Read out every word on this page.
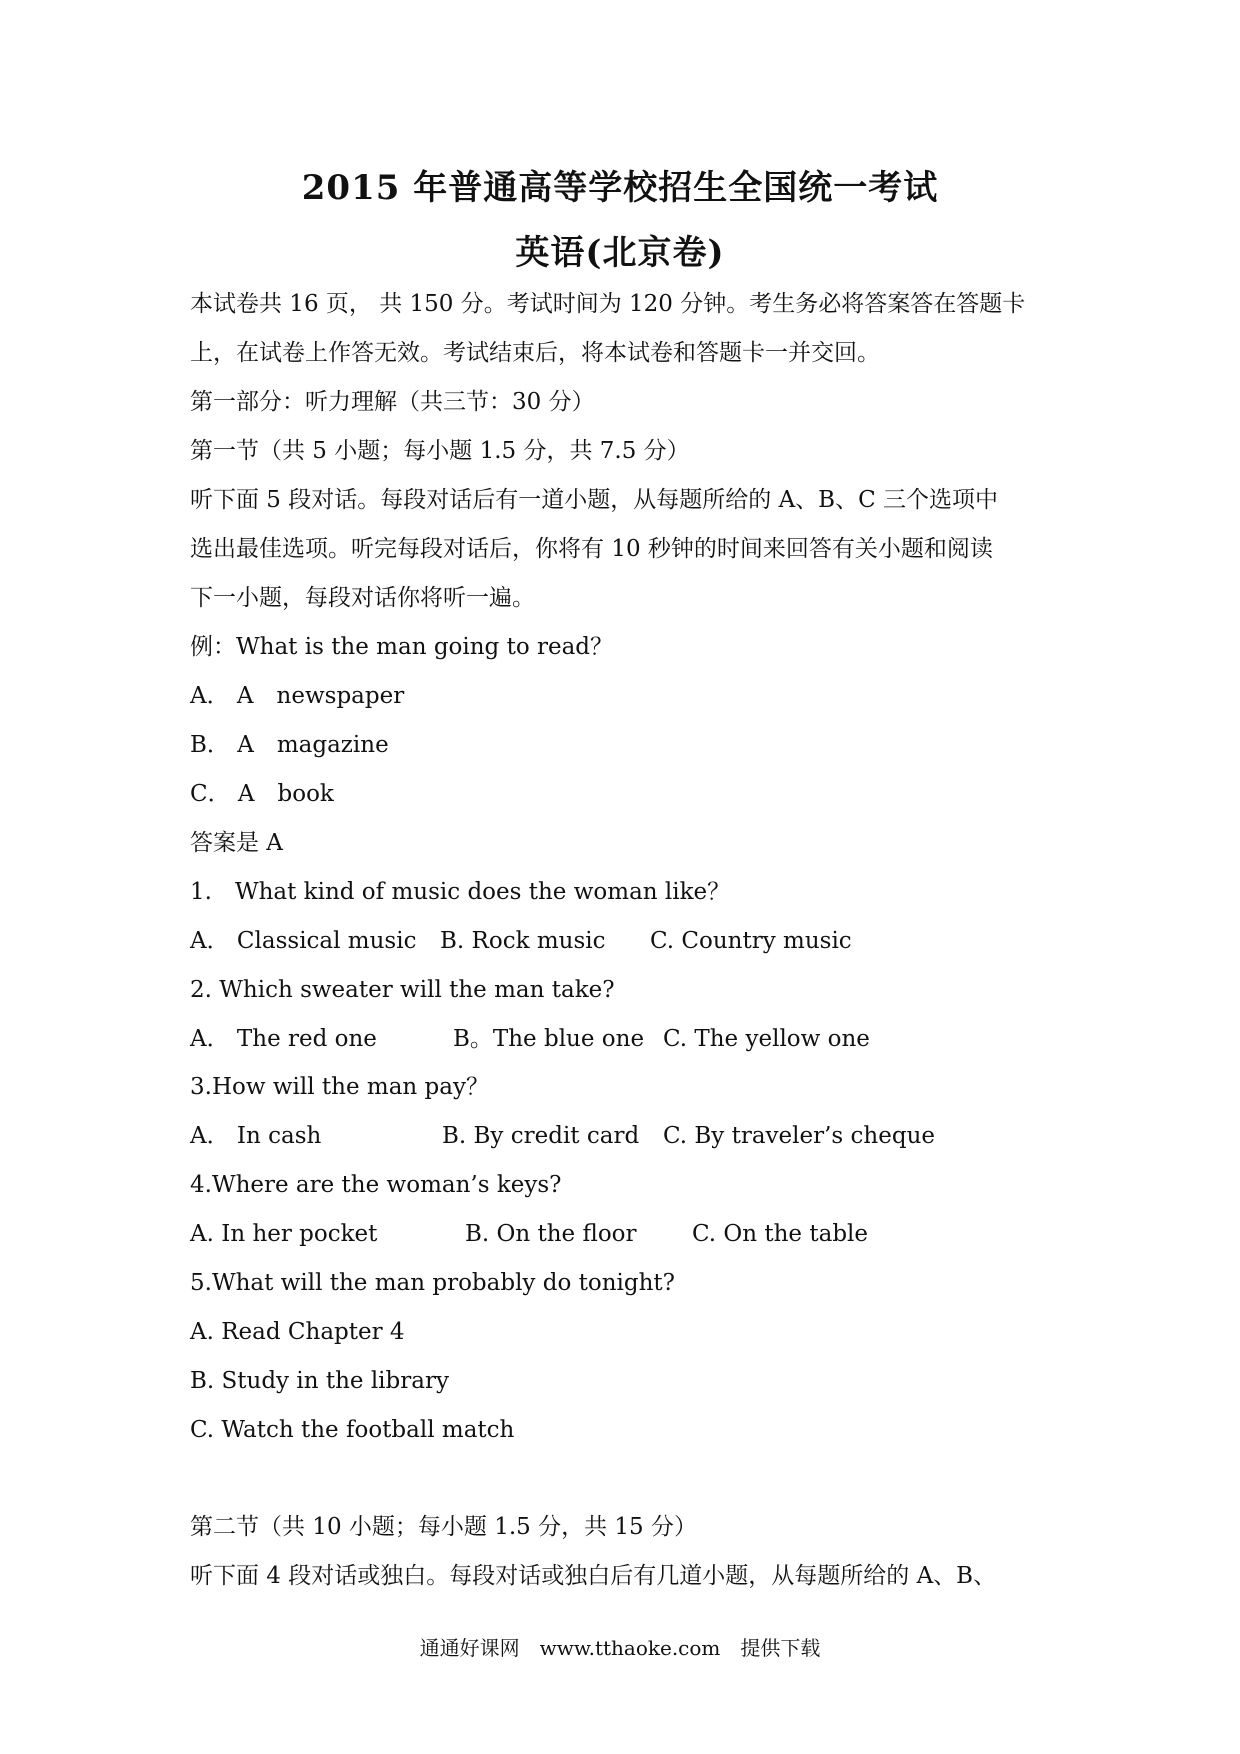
2015 年普通高等学校招生全国统一考试
英语(北京卷)
本试卷共 16 页， 共 150 分。考试时间为 120 分钟。考生务必将答案答在答题卡
上，在试卷上作答无效。考试结束后，将本试卷和答题卡一并交回。
第一部分：听力理解（共三节：30 分）
第一节（共 5 小题；每小题 1.5 分，共 7.5 分）
听下面 5 段对话。每段对话后有一道小题，从每题所给的 A、B、C 三个选项中
选出最佳选项。听完每段对话后，你将有 10 秒钟的时间来回答有关小题和阅读
下一小题，每段对话你将听一遍。
例：What is the man going to read？
A． A　newspaper
B． A　magazine
C． A　book
答案是 A
1.　What kind of music does the woman like？
A． Classical music B. Rock music C. Country music
2. Which sweater will the man take?
A． The red one	B。The blue one C. The yellow one
3.How will the man pay？
A． In cash	B. By credit card C. By traveler’s cheque
4.Where are the woman’s keys?
A. In her pocket	B. On the floor C. On the table
5.What will the man probably do tonight?
A. Read Chapter 4
B. Study in the library
C. Watch the football match
第二节（共 10 小题；每小题 1.5 分，共 15 分）
听下面 4 段对话或独白。每段对话或独白后有几道小题，从每题所给的 A、B、
通通好课网　www.tthaoke.com　提供下载
